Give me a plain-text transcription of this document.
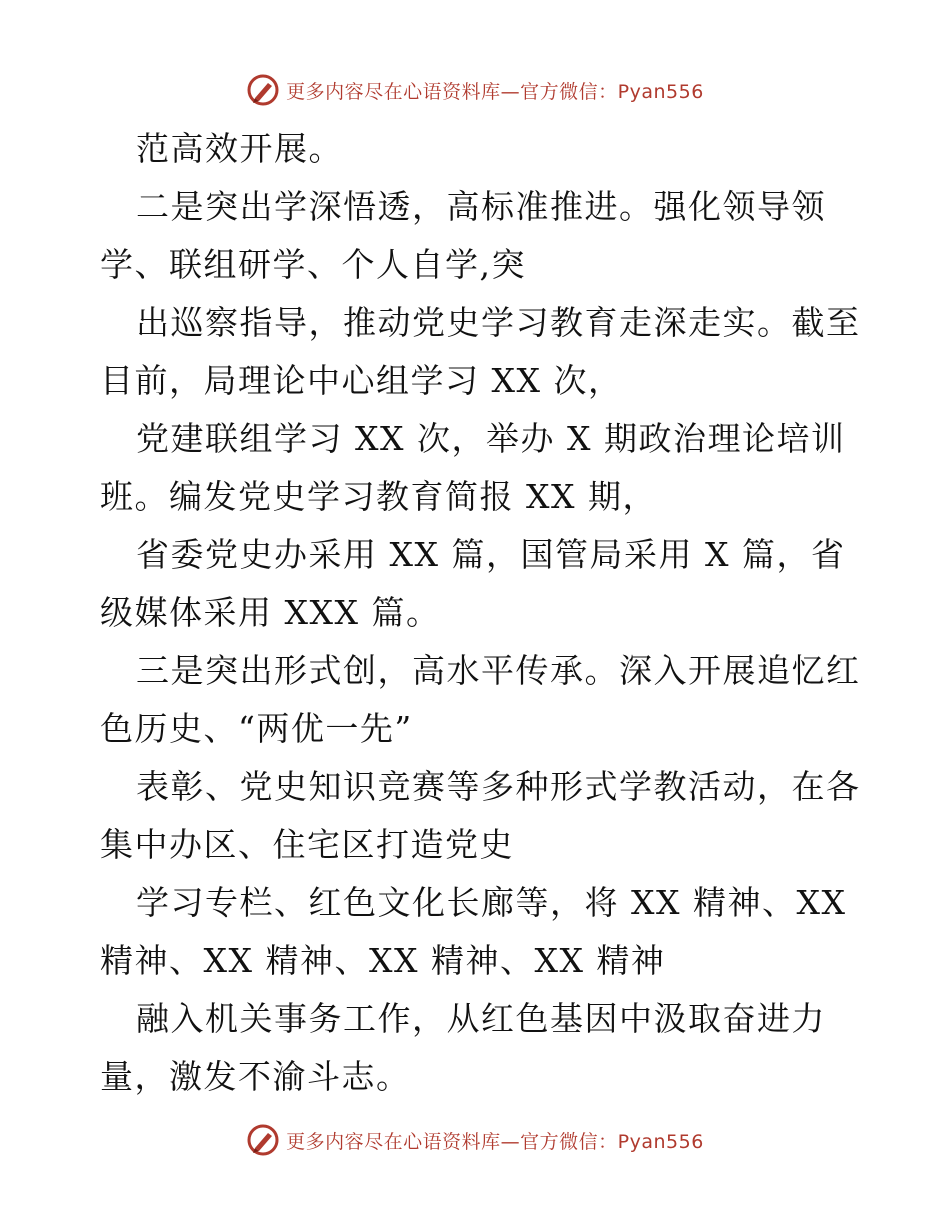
更多内容尽在心语资料库—官方微信：Pyan556
范高效开展。
二是突出学深悟透，高标准推进。强化领导领
学、联组研学、个人自学,突
出巡察指导，推动党史学习教育走深走实。截至
目前，局理论中心组学习 XX 次，
党建联组学习 XX 次，举办 X 期政治理论培训
班。编发党史学习教育简报 XX 期，
省委党史办采用 XX 篇，国管局采用 X 篇，省
级媒体采用 XXX 篇。
三是突出形式创，高水平传承。深入开展追忆红
色历史、“两优一先”
表彰、党史知识竞赛等多种形式学教活动，在各
集中办区、住宅区打造党史
学习专栏、红色文化长廊等，将 XX 精神、XX
精神、XX 精神、XX 精神、XX 精神
融入机关事务工作，从红色基因中汲取奋进力
量，激发不渝斗志。
更多内容尽在心语资料库—官方微信：Pyan556
